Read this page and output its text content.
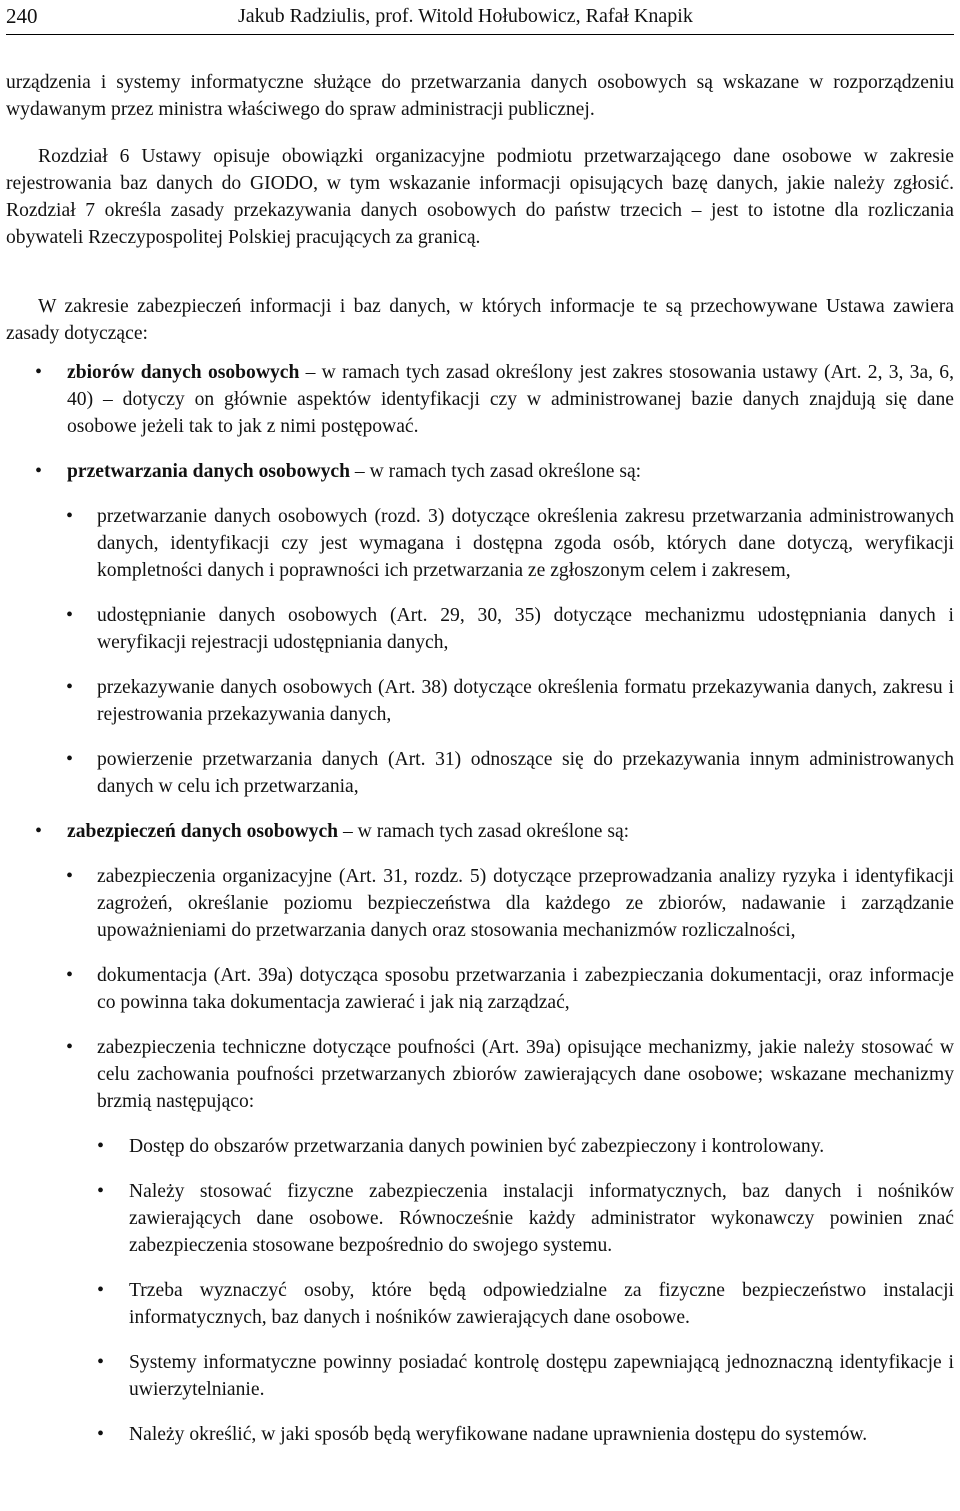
240	Jakub Radziulis, prof. Witold Hołubowicz, Rafał Knapik

urządzenia i systemy informatyczne służące do przetwarzania danych osobowych są wskazane w rozporządzeniu wydawanym przez ministra właściwego do spraw administracji publicznej.

Rozdział 6 Ustawy opisuje obowiązki organizacyjne podmiotu przetwarzającego dane osobowe w zakresie rejestrowania baz danych do GIODO, w tym wskazanie informacji opisujących bazę danych, jakie należy zgłosić. Rozdział 7 określa zasady przekazywania danych osobowych do państw trzecich – jest to istotne dla rozliczania obywateli Rzeczypospolitej Polskiej pracujących za granicą.

W zakresie zabezpieczeń informacji i baz danych, w których informacje te są przechowywane Ustawa zawiera zasady dotyczące:

• zbiorów danych osobowych – w ramach tych zasad określony jest zakres stosowania ustawy (Art. 2, 3, 3a, 6, 40) – dotyczy on głównie aspektów identyfikacji czy w administrowanej bazie danych znajdują się dane osobowe jeżeli tak to jak z nimi postępować.
• przetwarzania danych osobowych – w ramach tych zasad określone są:
• przetwarzanie danych osobowych (rozd. 3) dotyczące określenia zakresu przetwarzania administrowanych danych, identyfikacji czy jest wymagana i dostępna zgoda osób, których dane dotyczą, weryfikacji kompletności danych i poprawności ich przetwarzania ze zgłoszonym celem i zakresem,
• udostępnianie danych osobowych (Art. 29, 30, 35) dotyczące mechanizmu udostępniania danych i weryfikacji rejestracji udostępniania danych,
• przekazywanie danych osobowych (Art. 38) dotyczące określenia formatu przekazywania danych, zakresu i rejestrowania przekazywania danych,
• powierzenie przetwarzania danych (Art. 31) odnoszące się do przekazywania innym administrowanych danych w celu ich przetwarzania,
• zabezpieczeń danych osobowych – w ramach tych zasad określone są:
• zabezpieczenia organizacyjne (Art. 31, rozdz. 5) dotyczące przeprowadzania analizy ryzyka i identyfikacji zagrożeń, określanie poziomu bezpieczeństwa dla każdego ze zbiorów, nadawanie i zarządzanie upoważnieniami do przetwarzania danych oraz stosowania mechanizmów rozliczalności,
• dokumentacja (Art. 39a) dotycząca sposobu przetwarzania i zabezpieczania dokumentacji, oraz informacje co powinna taka dokumentacja zawierać i jak nią zarządzać,
• zabezpieczenia techniczne dotyczące poufności (Art. 39a) opisujące mechanizmy, jakie należy stosować w celu zachowania poufności przetwarzanych zbiorów zawierających dane osobowe; wskazane mechanizmy brzmią następująco:
• Dostęp do obszarów przetwarzania danych powinien być zabezpieczony i kontrolowany.
• Należy stosować fizyczne zabezpieczenia instalacji informatycznych, baz danych i nośników zawierających dane osobowe. Równocześnie każdy administrator wykonawczy powinien znać zabezpieczenia stosowane bezpośrednio do swojego systemu.
• Trzeba wyznaczyć osoby, które będą odpowiedzialne za fizyczne bezpieczeństwo instalacji informatycznych, baz danych i nośników zawierających dane osobowe.
• Systemy informatyczne powinny posiadać kontrolę dostępu zapewniającą jednoznaczną identyfikacje i uwierzytelnianie.
• Należy określić, w jaki sposób będą weryfikowane nadane uprawnienia dostępu do systemów.
